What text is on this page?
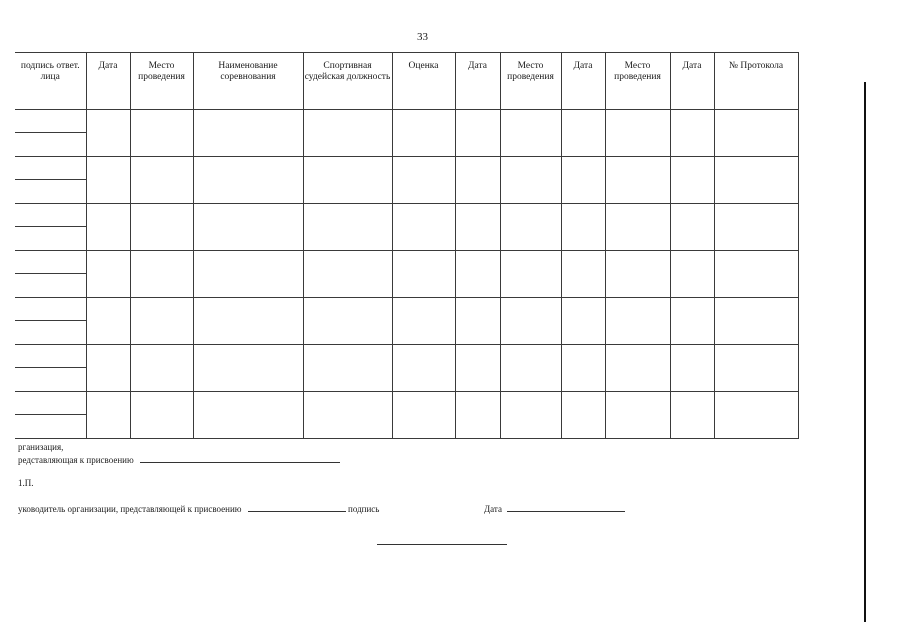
33
подпись ответ. лица	Дата	Место проведения	Наименование соревнования	Спортивная судейская должность	Оценка	Дата	Место проведения	Дата	Место проведения	Дата	№ Протокола

рганизация,
редставляющая к присвоению
1.П.
уководитель организации, представляющей к присвоению	подпись	Дата
